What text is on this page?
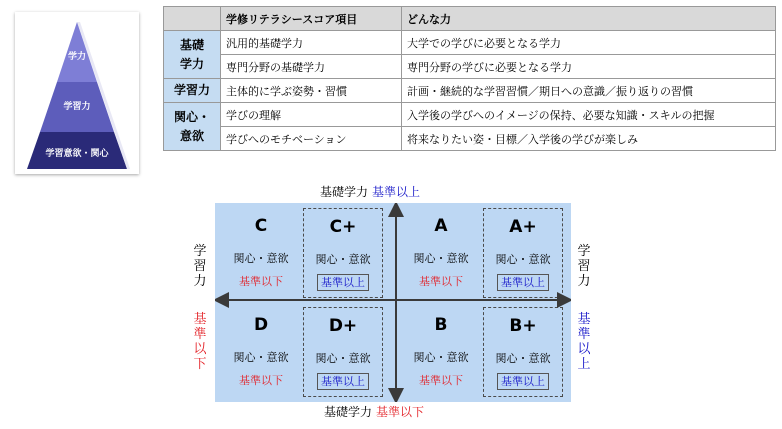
学力
学習力
学習意欲・関心
	学修リテラシースコア項目	どんな力

基礎
学力	汎用的基礎学力	大学での学びに必要となる学力
	専門分野の基礎学力	専門分野の学びに必要となる学力
学習力	主体的に学ぶ姿勢・習慣	計画・継続的な学習習慣／期日への意識／振り返りの習慣

関心・
意欲	学びの理解	入学後の学びへのイメージの保持、必要な知識・スキルの把握
	学びへのモチベーション	将来なりたい姿・目標／入学後の学びが楽しみ
基礎学力 基準以上
基礎学力 基準以下
学
習
力
基
準
以
下
学
習
力
基
準
以
上
C
関心・意欲
基準以下
C+
関心・意欲
基準以上
A
関心・意欲
基準以下
A+
関心・意欲
基準以上
D
関心・意欲
基準以下
D+
関心・意欲
基準以上
B
関心・意欲
基準以下
B+
関心・意欲
基準以上
